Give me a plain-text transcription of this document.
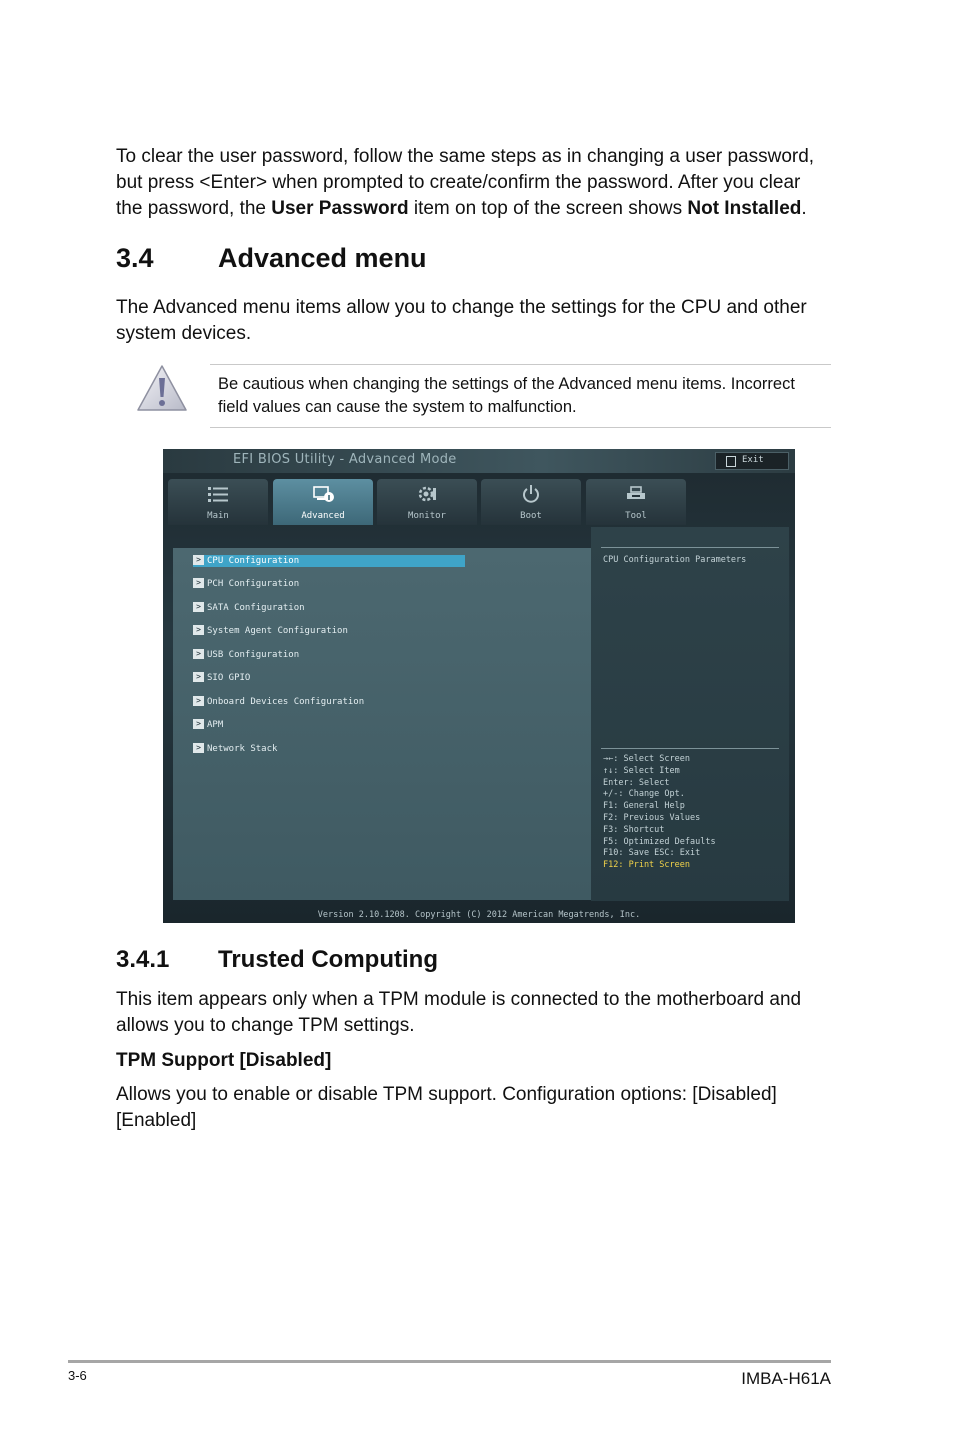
To clear the user password, follow the same steps as in changing a user password,
but press <Enter> when prompted to create/confirm the password. After you clear
the password, the User Password item on top of the screen shows Not Installed.
3.4 Advanced menu
The Advanced menu items allow you to change the settings for the CPU and other
system devices.
Be cautious when changing the settings of the Advanced menu items. Incorrect
field values can cause the system to malfunction.
EFI BIOS Utility - Advanced Mode	Exit
Main	Advanced	Monitor	Boot	Tool
> CPU Configuration
> PCH Configuration
> SATA Configuration
> System Agent Configuration
> USB Configuration
> SIO GPIO
> Onboard Devices Configuration
> APM
> Network Stack
CPU Configuration Parameters
→←: Select Screen
↑↓: Select Item
Enter: Select
+/-: Change Opt.
F1: General Help
F2: Previous Values
F3: Shortcut
F5: Optimized Defaults
F10: Save ESC: Exit
F12: Print Screen
Version 2.10.1208. Copyright (C) 2012 American Megatrends, Inc.
3.4.1 Trusted Computing
This item appears only when a TPM module is connected to the motherboard and
allows you to change TPM settings.
TPM Support [Disabled]
Allows you to enable or disable TPM support. Configuration options: [Disabled]
[Enabled]
3-6	IMBA-H61A
